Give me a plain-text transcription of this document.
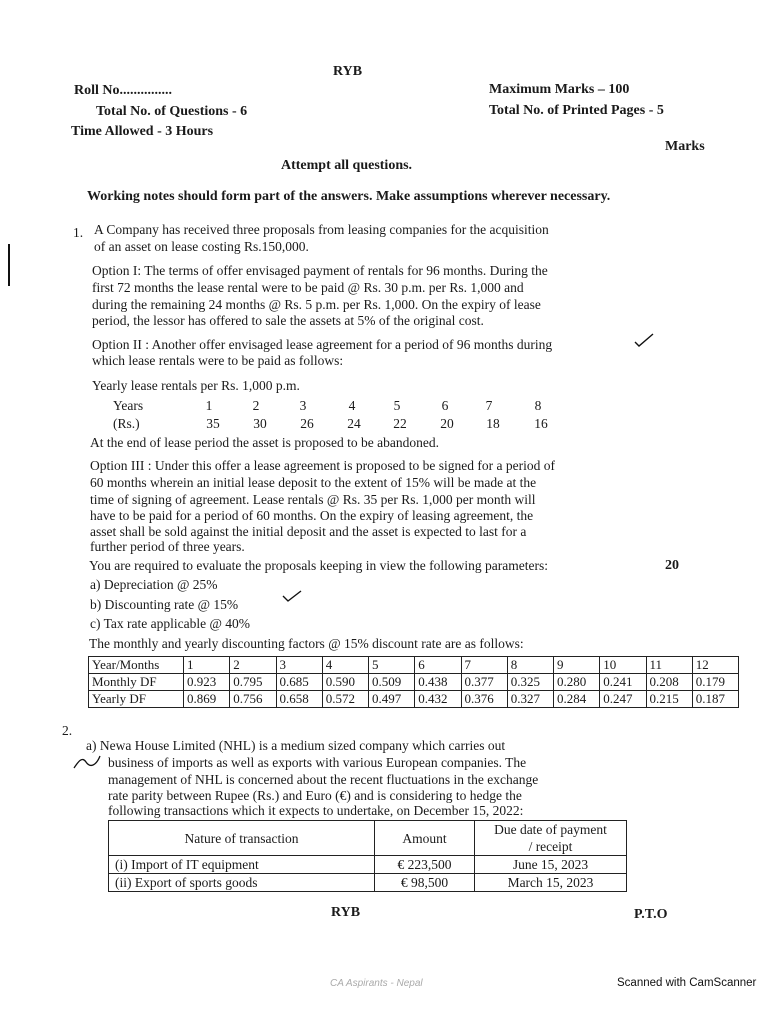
RYB
Roll No...............
Total No. of Questions - 6
Time Allowed - 3 Hours
Maximum Marks – 100
Total No. of Printed Pages - 5
Marks
Attempt all questions.
Working notes should form part of the answers. Make assumptions wherever necessary.
1. A Company has received three proposals from leasing companies for the acquisition
of an asset on lease costing Rs.150,000.
Option I: The terms of offer envisaged payment of rentals for 96 months. During the
first 72 months the lease rental were to be paid @ Rs. 30 p.m. per Rs. 1,000 and
during the remaining 24 months @ Rs. 5 p.m. per Rs. 1,000. On the expiry of lease
period, the lessor has offered to sale the assets at 5% of the original cost.
Option II : Another offer envisaged lease agreement for a period of 96 months during
which lease rentals were to be paid as follows:
Yearly lease rentals per Rs. 1,000 p.m.
Years	1	2	3	4	5	6	7	8
(Rs.)	35	30	26	24	22	20	18	16
At the end of lease period the asset is proposed to be abandoned.
Option III : Under this offer a lease agreement is proposed to be signed for a period of
60 months wherein an initial lease deposit to the extent of 15% will be made at the
time of signing of agreement. Lease rentals @ Rs. 35 per Rs. 1,000 per month will
have to be paid for a period of 60 months. On the expiry of leasing agreement, the
asset shall be sold against the initial deposit and the asset is expected to last for a
further period of three years.
You are required to evaluate the proposals keeping in view the following parameters:	20
a) Depreciation @ 25%
b) Discounting rate @ 15%
c) Tax rate applicable @ 40%
The monthly and yearly discounting factors @ 15% discount rate are as follows:
Year/Months	1	2	3	4	5	6	7	8	9	10	11	12
Monthly DF	0.923	0.795	0.685	0.590	0.509	0.438	0.377	0.325	0.280	0.241	0.208	0.179
Yearly DF	0.869	0.756	0.658	0.572	0.497	0.432	0.376	0.327	0.284	0.247	0.215	0.187
2.
a) Newa House Limited (NHL) is a medium sized company which carries out
business of imports as well as exports with various European companies. The
management of NHL is concerned about the recent fluctuations in the exchange
rate parity between Rupee (Rs.) and Euro (€) and is considering to hedge the
following transactions which it expects to undertake, on December 15, 2022:
Nature of transaction	Amount	Due date of payment
/ receipt

(i) Import of IT equipment	€ 223,500	June 15, 2023
(ii) Export of sports goods	€ 98,500	March 15, 2023
RYB	P.T.O
CA Aspirants - Nepal	Scanned with CamScanner
